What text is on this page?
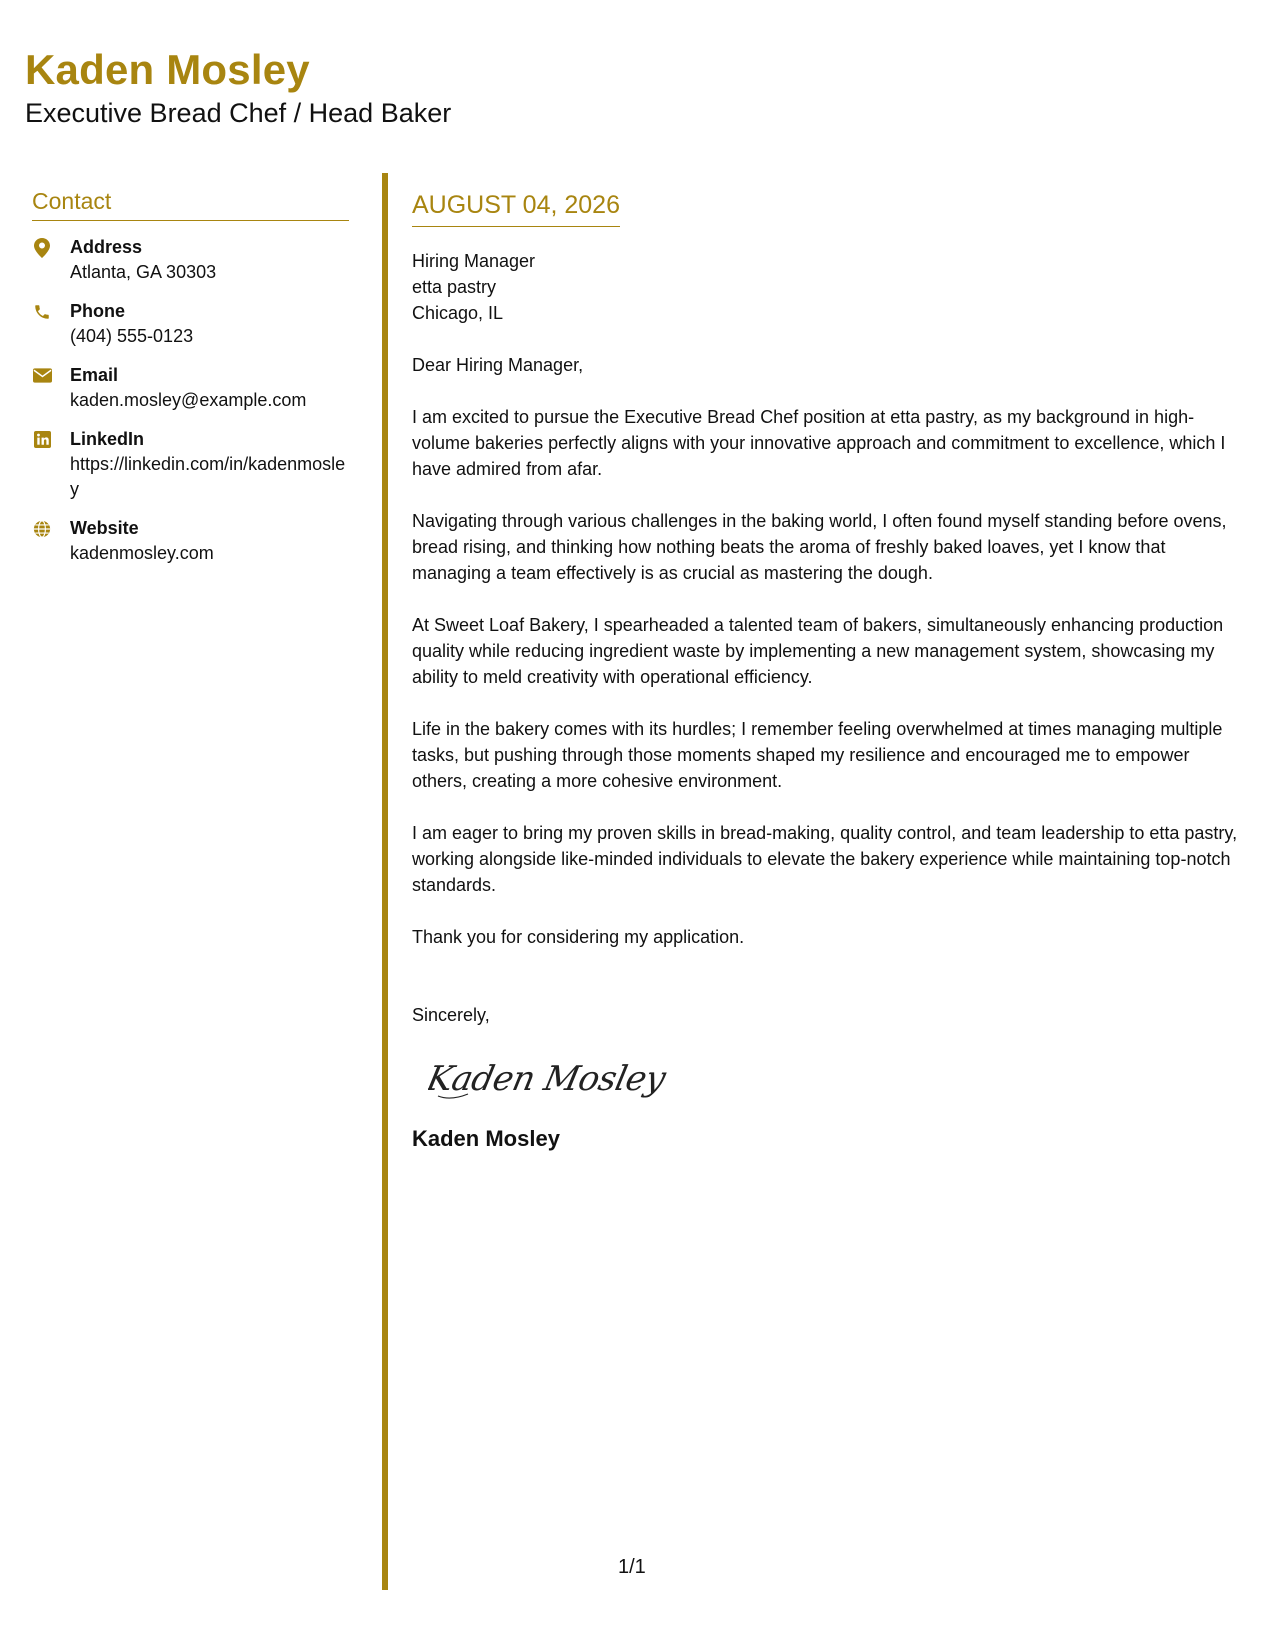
Kaden Mosley
Executive Bread Chef / Head Baker
Contact
Address
Atlanta, GA 30303
Phone
(404) 555-0123
Email
kaden.mosley@example.com
LinkedIn
https://linkedin.com/in/kadenmosley
Website
kadenmosley.com
AUGUST 04, 2026
Hiring Manager
etta pastry
Chicago, IL
Dear Hiring Manager,
I am excited to pursue the Executive Bread Chef position at etta pastry, as my background in high-volume bakeries perfectly aligns with your innovative approach and commitment to excellence, which I have admired from afar.
Navigating through various challenges in the baking world, I often found myself standing before ovens, bread rising, and thinking how nothing beats the aroma of freshly baked loaves, yet I know that managing a team effectively is as crucial as mastering the dough.
At Sweet Loaf Bakery, I spearheaded a talented team of bakers, simultaneously enhancing production quality while reducing ingredient waste by implementing a new management system, showcasing my ability to meld creativity with operational efficiency.
Life in the bakery comes with its hurdles; I remember feeling overwhelmed at times managing multiple tasks, but pushing through those moments shaped my resilience and encouraged me to empower others, creating a more cohesive environment.
I am eager to bring my proven skills in bread-making, quality control, and team leadership to etta pastry, working alongside like-minded individuals to elevate the bakery experience while maintaining top-notch standards.
Thank you for considering my application.
Sincerely,
Kaden Mosley
Kaden Mosley
1/1
